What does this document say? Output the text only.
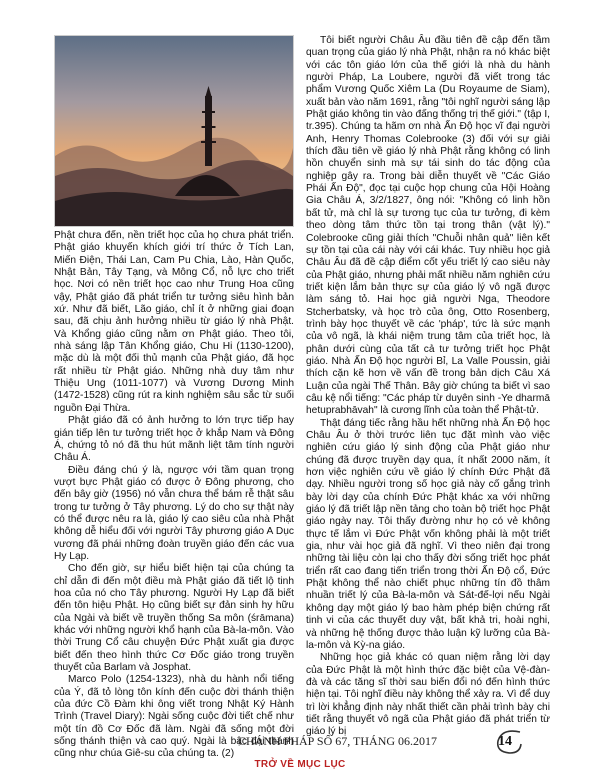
Phật chưa đến, nền triết học của họ chưa phát triển. Phật giáo khuyến khích giới trí thức ở Tích Lan, Miến Điện, Thái Lan, Cam Pu Chia, Lào, Hàn Quốc, Nhật Bản, Tây Tạng, và Mông Cổ, nỗ lực cho triết học. Nơi có nền triết học cao như Trung Hoa cũng vậy, Phật giáo đã phát triển tư tưởng siêu hình bản xứ. Như đã biết, Lão giáo, chỉ ít ở những giai đoạn sau, đã chịu ảnh hưởng nhiều từ giáo lý nhà Phật. Và Khổng giáo cũng nằm ơn Phật giáo. Theo tôi, nhà sáng lập Tân Khổng giáo, Chu Hi (1130-1200), mặc dù là một đối thủ mạnh của Phật giáo, đã học rất nhiều từ Phật giáo. Những nhà duy tâm như Thiệu Ung (1011-1077) và Vương Dương Minh (1472-1528) cũng rút ra kinh nghiệm sâu sắc từ suối nguồn Đại Thừa.

Phật giáo đã có ảnh hưởng to lớn trực tiếp hay gián tiếp lên tư tưởng triết học ở khắp Nam và Đông Á, chứng tỏ nó đã thu hút mãnh liệt tâm tính người Châu Á.

Điều đáng chú ý là, ngược với tầm quan trọng vượt bực Phật giáo có được ở Đông phương, cho đến bây giờ (1956) nó vẫn chưa thể bám rễ thật sâu trong tư tưởng ở Tây phương. Lý do cho sự thật này có thể được nêu ra là, giáo lý cao siêu của nhà Phật không dễ hiểu đối với người Tây phương giáo A Dục vương đã phái những đoàn truyền giáo đến các vua Hy Lạp.

Cho đến giờ, sự hiểu biết hiện tại của chúng ta chỉ dẫn đi đến một điều mà Phật giáo đã tiết lộ tinh hoa của nó cho Tây phương. Người Hy Lạp đã biết đến tôn hiệu Phật. Họ cũng biết sự đản sinh hy hữu của Ngài và biết về truyền thống Sa môn (śrāmana) khác với những người khổ hạnh của Bà-la-môn. Vào thời Trung Cổ câu chuyện Đức Phật xuất gia được biết đến theo hình thức Cơ Đốc giáo trong truyền thuyết của Barlam và Josphat.

Marco Polo (1254-1323), nhà du hành nổi tiếng của Ý, đã tỏ lòng tôn kính đến cuộc đời thánh thiện của đức Cồ Đàm khi ông viết trong Nhật Ký Hành Trình (Travel Diary): Ngài sống cuộc đời tiết chế như một tín đồ Cơ Đốc đã làm. Ngài đã sống một đời sống thánh thiện và cao quý. Ngài là bậc đại thánh cũng như chúa Giê-su của chúng ta. (2)

Tôi biết người Châu Âu đầu tiên đề cập đến tầm quan trọng của giáo lý nhà Phật, nhận ra nó khác biệt với các tôn giáo lớn của thế giới là nhà du hành người Pháp, La Loubere, người đã viết trong tác phẩm Vương Quốc Xiêm La (Du Royaume de Siam), xuất bản vào năm 1691, rằng "tôi nghĩ người sáng lập Phật giáo không tin vào đấng thống trị thế giới." (tập I, tr.395). Chúng ta hãm ơn nhà Ấn Độ học vĩ đại người Anh, Henry Thomas Colebrooke (3) đối với sự giải thích đầu tiên về giáo lý nhà Phật rằng không có linh hồn chuyển sinh mà sự tái sinh do tác động của nghiệp gây ra. Trong bài diễn thuyết về "Các Giáo Phái Ấn Độ", đọc tại cuộc họp chung của Hội Hoàng Gia Châu Á, 3/2/1827, ông nói: "Không có linh hồn bất tử, mà chỉ là sự tương tục của tư tưởng, đi kèm theo dòng tâm thức tồn tại trong thân (vật lý)." Colebrooke cũng giải thích "Chuỗi nhân quả" liên kết sự tồn tại của cái này với cái khác. Tuy nhiều học giả Châu Âu đã đề cập điểm cốt yếu triết lý cao siêu này của Phật giáo, nhưng phải mất nhiều năm nghiên cứu triết kiện lắm bản thực sự của giáo lý vô ngã được làm sáng tỏ. Hai học giả người Nga, Theodore Stcherbatsky, và học trò của ông, Otto Rosenberg, trình bày học thuyết về các 'pháp', tức là sức mạnh của vô ngã, là khái niệm trung tâm của triết học, là phân dưới cùng của tất cả tư tưởng triết học Phật giáo. Nhà Ấn Độ học người Bỉ, La Valle Poussin, giải thích cặn kẽ hơn về vấn đề trong bản dịch Câu Xá Luận của ngài Thế Thân. Bây giờ chúng ta biết vì sao câu kệ nổi tiếng: "Các pháp từ duyên sinh -Ye dharmā hetuprabhāvah" là cương lĩnh của toàn thể Phật-tử.

Thật đáng tiếc rằng hầu hết những nhà Ấn Độ học Châu Âu ở thời trước liên tục đặt mình vào việc nghiên cứu giáo lý sinh động của Phật giáo như chúng đã được truyền dạy qua, ít nhất 2000 năm, ít hơn việc nghiên cứu về giáo lý chính Đức Phật đã dạy. Nhiều người trong số học giả này cố gắng trình bày lời dạy của chính Đức Phật khác xa với những giáo lý đã triết lập nền tảng cho toàn bộ triết học Phật giáo ngày nay. Tôi thấy đường như họ có vẻ không thực tế lắm vì Đức Phật vốn không phải là một triết gia, như vài học giả đã nghĩ. Vì theo niên đại trong những tài liệu còn lại cho thấy đời sống triết học phát triển rất cao đang tiến triển trong thời Ấn Độ cổ, Đức Phật không thể nào chiết phục những tín đồ thâm nhuần triết lý của Bà-la-môn và Sát-đế-lợi nếu Ngài không dạy một giáo lý bao hàm phép biện chứng rất tinh vi của các thuyết duy vật, bất khả tri, hoài nghi, và những hệ thống được thảo luận kỹ lưỡng của Bà-la-môn và Kỳ-na giáo.

Những học giả khác có quan niệm rằng lời dạy của Đức Phật là một hình thức đặc biệt của Vệ-đàn-đà và các tăng sĩ thời sau biến đổi nó đến hình thức hiện tại. Tôi nghĩ điều này không thể xảy ra. Vì để duy trì lời khẳng định này nhất thiết cần phải trình bày chi tiết rằng thuyết vô ngã của Phật giáo đã phát triển từ giáo lý bị

CHÁNH PHÁP SỐ 67, THÁNG 06.2017	14
TRỞ VỀ MỤC LỤC
